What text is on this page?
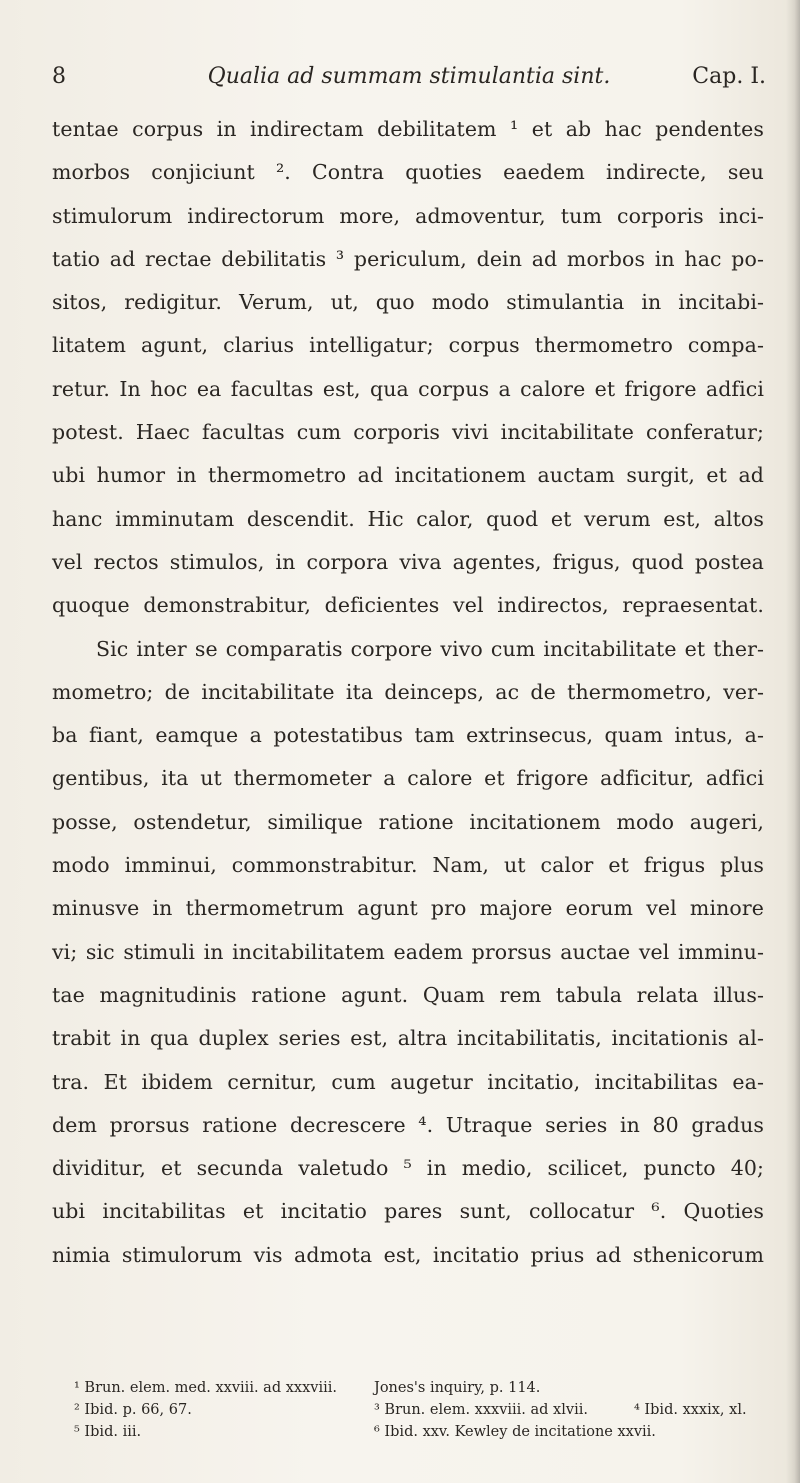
8	Qualia ad summam stimulantia sint.	Cap. I.
tentae corpus in indirectam debilitatem ¹ et ab hac pendentes
morbos conjiciunt ². Contra quoties eaedem indirecte, seu
stimulorum indirectorum more, admoventur, tum corporis inci-
tatio ad rectae debilitatis ³ periculum, dein ad morbos in hac po-
sitos, redigitur. Verum, ut, quo modo stimulantia in incitabi-
litatem agunt, clarius intelligatur; corpus thermometro compa-
retur. In hoc ea facultas est, qua corpus a calore et frigore adfici
potest. Haec facultas cum corporis vivi incitabilitate conferatur;
ubi humor in thermometro ad incitationem auctam surgit, et ad
hanc imminutam descendit. Hic calor, quod et verum est, altos
vel rectos stimulos, in corpora viva agentes, frigus, quod postea
quoque demonstrabitur, deficientes vel indirectos, repraesentat.
Sic inter se comparatis corpore vivo cum incitabilitate et ther-
mometro; de incitabilitate ita deinceps, ac de thermometro, ver-
ba fiant, eamque a potestatibus tam extrinsecus, quam intus, a-
gentibus, ita ut thermometer a calore et frigore adficitur, adfici
posse, ostendetur, similique ratione incitationem modo augeri,
modo imminui, commonstrabitur. Nam, ut calor et frigus plus
minusve in thermometrum agunt pro majore eorum vel minore
vi; sic stimuli in incitabilitatem eadem prorsus auctae vel imminu-
tae magnitudinis ratione agunt. Quam rem tabula relata illus-
trabit in qua duplex series est, altra incitabilitatis, incitationis al-
tra. Et ibidem cernitur, cum augetur incitatio, incitabilitas ea-
dem prorsus ratione decrescere ⁴. Utraque series in 80 gradus
dividitur, et secunda valetudo ⁵ in medio, scilicet, puncto 40;
ubi incitabilitas et incitatio pares sunt, collocatur ⁶. Quoties
nimia stimulorum vis admota est, incitatio prius ad sthenicorum
¹ Brun. elem. med. xxviii. ad xxxviii.	Jones's inquiry, p. 114.
² Ibid. p. 66, 67.	³ Brun. elem. xxxviii. ad xlvii.	⁴ Ibid. xxxix, xl.
⁵ Ibid. iii.	⁶ Ibid. xxv. Kewley de incitatione xxvii.
